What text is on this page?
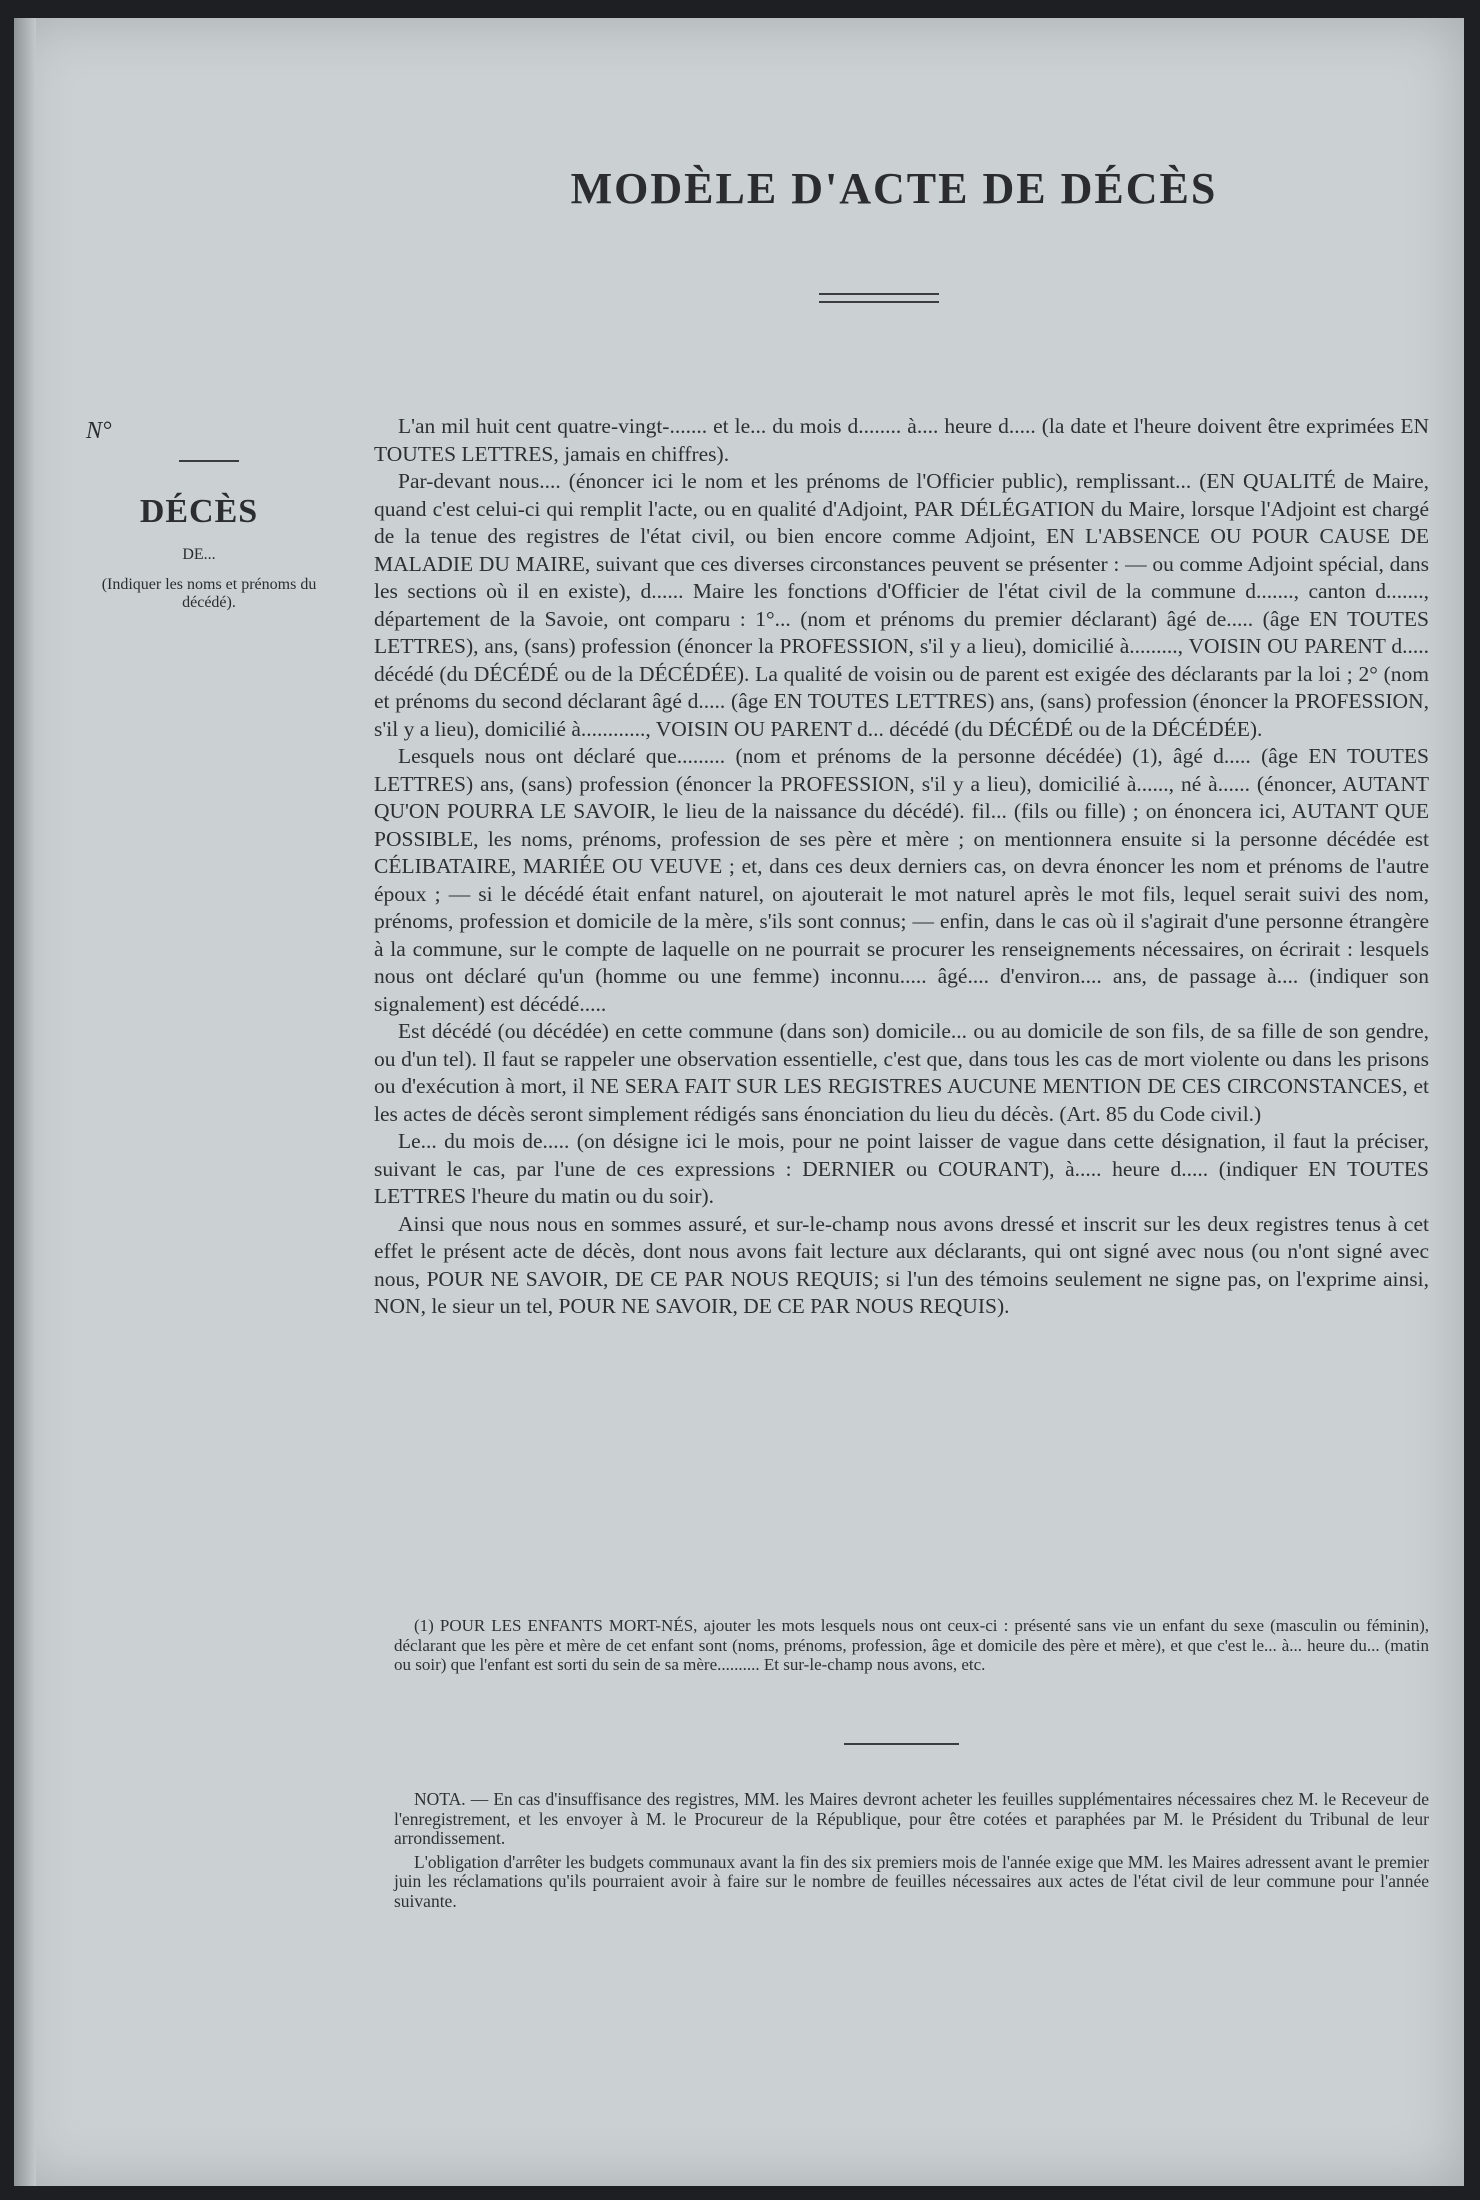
MODÈLE D'ACTE DE DÉCÈS
N°
DÉCÈS
DE...
(Indiquer les noms et prénoms du décédé).

L'an mil huit cent quatre-vingt-....... et le... du mois d........ à.... heure d..... (la date et l'heure doivent être exprimées EN TOUTES LETTRES, jamais en chiffres).

Par-devant nous.... (énoncer ici le nom et les prénoms de l'Officier public), remplissant... (EN QUALITÉ de Maire, quand c'est celui-ci qui remplit l'acte, ou en qualité d'Adjoint, PAR DÉLÉGATION du Maire, lorsque l'Adjoint est chargé de la tenue des registres de l'état civil, ou bien encore comme Adjoint, EN L'ABSENCE OU POUR CAUSE DE MALADIE DU MAIRE, suivant que ces diverses circonstances peuvent se présenter : — ou comme Adjoint spécial, dans les sections où il en existe), d...... Maire les fonctions d'Officier de l'état civil de la commune d......., canton d......., département de la Savoie, ont comparu : 1°... (nom et prénoms du premier déclarant) âgé de..... (âge EN TOUTES LETTRES), ans, (sans) profession (énoncer la PROFESSION, s'il y a lieu), domicilié à........., VOISIN OU PARENT d..... décédé (du DÉCÉDÉ ou de la DÉCÉDÉE). La qualité de voisin ou de parent est exigée des déclarants par la loi ; 2° (nom et prénoms du second déclarant âgé d..... (âge EN TOUTES LETTRES) ans, (sans) profession (énoncer la PROFESSION, s'il y a lieu), domicilié à............, VOISIN OU PARENT d... décédé (du DÉCÉDÉ ou de la DÉCÉDÉE).

Lesquels nous ont déclaré que......... (nom et prénoms de la personne décédée) (1), âgé d..... (âge EN TOUTES LETTRES) ans, (sans) profession (énoncer la PROFESSION, s'il y a lieu), domicilié à......, né à...... (énoncer, AUTANT QU'ON POURRA LE SAVOIR, le lieu de la naissance du décédé). fil... (fils ou fille) ; on énoncera ici, AUTANT QUE POSSIBLE, les noms, prénoms, profession de ses père et mère ; on mentionnera ensuite si la personne décédée est CÉLIBATAIRE, MARIÉE OU VEUVE ; et, dans ces deux derniers cas, on devra énoncer les nom et prénoms de l'autre époux ; — si le décédé était enfant naturel, on ajouterait le mot naturel après le mot fils, lequel serait suivi des nom, prénoms, profession et domicile de la mère, s'ils sont connus; — enfin, dans le cas où il s'agirait d'une personne étrangère à la commune, sur le compte de laquelle on ne pourrait se procurer les renseignements nécessaires, on écrirait : lesquels nous ont déclaré qu'un (homme ou une femme) inconnu..... âgé.... d'environ.... ans, de passage à.... (indiquer son signalement) est décédé.....

Est décédé (ou décédée) en cette commune (dans son) domicile... ou au domicile de son fils, de sa fille de son gendre, ou d'un tel). Il faut se rappeler une observation essentielle, c'est que, dans tous les cas de mort violente ou dans les prisons ou d'exécution à mort, il NE SERA FAIT SUR LES REGISTRES AUCUNE MENTION DE CES CIRCONSTANCES, et les actes de décès seront simplement rédigés sans énonciation du lieu du décès. (Art. 85 du Code civil.)

Le... du mois de..... (on désigne ici le mois, pour ne point laisser de vague dans cette désignation, il faut la préciser, suivant le cas, par l'une de ces expressions : DERNIER ou COURANT), à..... heure d..... (indiquer EN TOUTES LETTRES l'heure du matin ou du soir).

Ainsi que nous nous en sommes assuré, et sur-le-champ nous avons dressé et inscrit sur les deux registres tenus à cet effet le présent acte de décès, dont nous avons fait lecture aux déclarants, qui ont signé avec nous (ou n'ont signé avec nous, POUR NE SAVOIR, DE CE PAR NOUS REQUIS; si l'un des témoins seulement ne signe pas, on l'exprime ainsi, NON, le sieur un tel, POUR NE SAVOIR, DE CE PAR NOUS REQUIS).

(1) POUR LES ENFANTS MORT-NÉS, ajouter les mots lesquels nous ont ceux-ci : présenté sans vie un enfant du sexe (masculin ou féminin), déclarant que les père et mère de cet enfant sont (noms, prénoms, profession, âge et domicile des père et mère), et que c'est le... à... heure du... (matin ou soir) que l'enfant est sorti du sein de sa mère.......... Et sur-le-champ nous avons, etc.

NOTA. — En cas d'insuffisance des registres, MM. les Maires devront acheter les feuilles supplémentaires nécessaires chez M. le Receveur de l'enregistrement, et les envoyer à M. le Procureur de la République, pour être cotées et paraphées par M. le Président du Tribunal de leur arrondissement.

L'obligation d'arrêter les budgets communaux avant la fin des six premiers mois de l'année exige que MM. les Maires adressent avant le premier juin les réclamations qu'ils pourraient avoir à faire sur le nombre de feuilles nécessaires aux actes de l'état civil de leur commune pour l'année suivante.
